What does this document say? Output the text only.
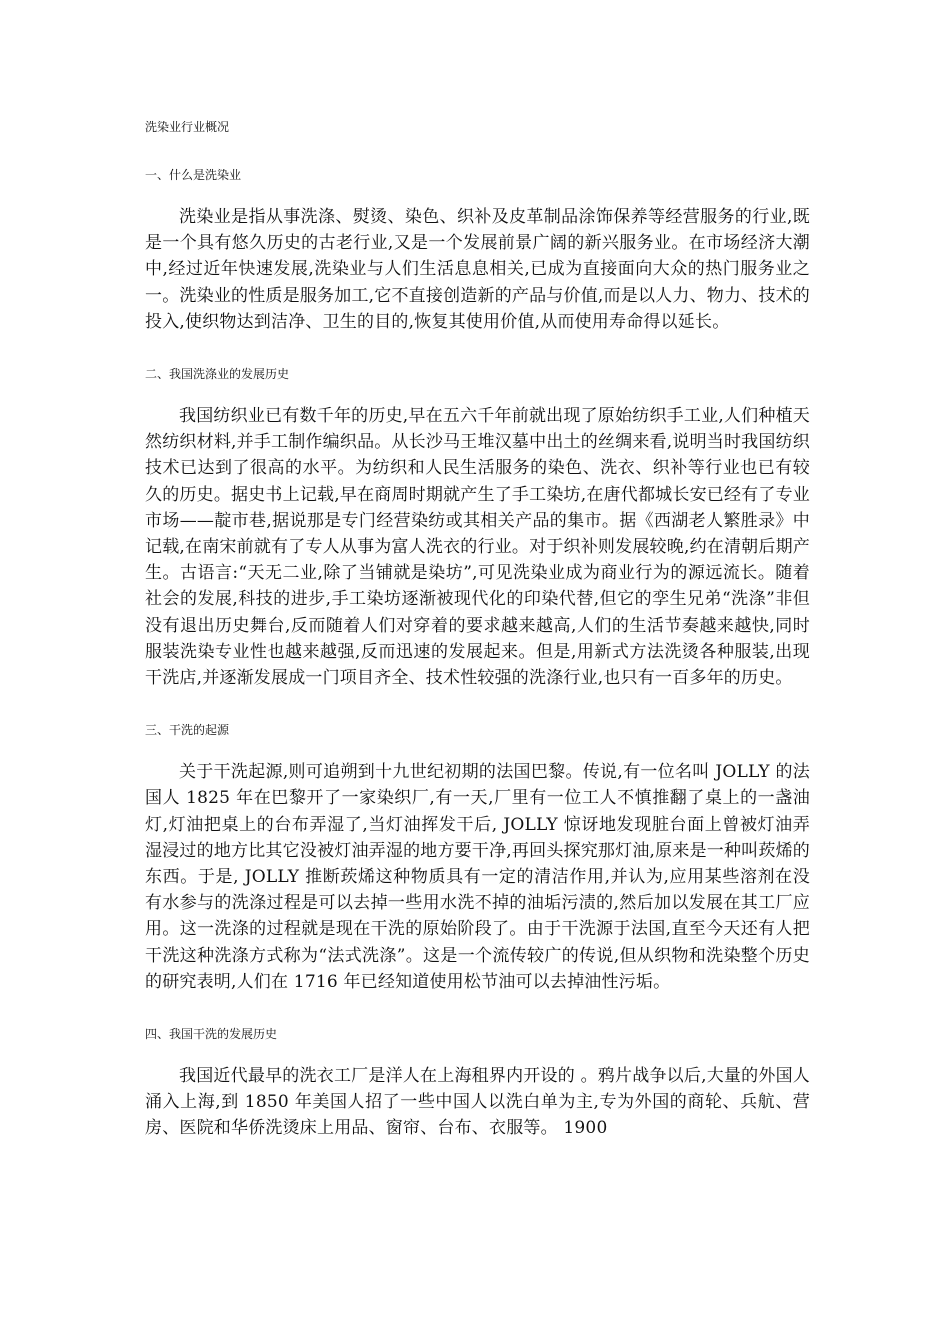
洗染业行业概况
一、什么是洗染业

洗染业是指从事洗涤、熨烫、染色、织补及皮革制品涂饰保养等经营服务的行业,既是一个具有悠久历史的古老行业,又是一个发展前景广阔的新兴服务业。在市场经济大潮中,经过近年快速发展,洗染业与人们生活息息相关,已成为直接面向大众的热门服务业之一。洗染业的性质是服务加工,它不直接创造新的产品与价值,而是以人力、物力、技术的投入,使织物达到洁净、卫生的目的,恢复其使用价值,从而使用寿命得以延长。

二、我国洗涤业的发展历史

我国纺织业已有数千年的历史,早在五六千年前就出现了原始纺织手工业,人们种植天然纺织材料,并手工制作编织品。从长沙马王堆汉墓中出土的丝绸来看,说明当时我国纺织技术已达到了很高的水平。为纺织和人民生活服务的染色、洗衣、织补等行业也已有较久的历史。据史书上记载,早在商周时期就产生了手工染坊,在唐代都城长安已经有了专业市场——靛市巷,据说那是专门经营染纺或其相关产品的集市。据《西湖老人繁胜录》中记载,在南宋前就有了专人从事为富人洗衣的行业。对于织补则发展较晚,约在清朝后期产生。古语言:“天无二业,除了当铺就是染坊”,可见洗染业成为商业行为的源远流长。随着社会的发展,科技的进步,手工染坊逐渐被现代化的印染代替,但它的孪生兄弟“洗涤”非但没有退出历史舞台,反而随着人们对穿着的要求越来越高,人们的生活节奏越来越快,同时服装洗染专业性也越来越强,反而迅速的发展起来。但是,用新式方法洗烫各种服装,出现干洗店,并逐渐发展成一门项目齐全、技术性较强的洗涤行业,也只有一百多年的历史。

三、干洗的起源

关于干洗起源,则可追朔到十九世纪初期的法国巴黎。传说,有一位名叫 JOLLY 的法国人 1825 年在巴黎开了一家染织厂,有一天,厂里有一位工人不慎推翻了桌上的一盏油灯,灯油把桌上的台布弄湿了,当灯油挥发干后, JOLLY 惊讶地发现脏台面上曾被灯油弄湿浸过的地方比其它没被灯油弄湿的地方要干净,再回头探究那灯油,原来是一种叫莰烯的东西。于是, JOLLY 推断莰烯这种物质具有一定的清洁作用,并认为,应用某些溶剂在没有水参与的洗涤过程是可以去掉一些用水洗不掉的油垢污渍的,然后加以发展在其工厂应用。这一洗涤的过程就是现在干洗的原始阶段了。由于干洗源于法国,直至今天还有人把干洗这种洗涤方式称为“法式洗涤”。这是一个流传较广的传说,但从织物和洗染整个历史的研究表明,人们在 1716 年已经知道使用松节油可以去掉油性污垢。

四、我国干洗的发展历史

我国近代最早的洗衣工厂是洋人在上海租界内开设的 。鸦片战争以后,大量的外国人涌入上海,到 1850 年美国人招了一些中国人以洗白单为主,专为外国的商轮、兵航、营房、医院和华侨洗烫床上用品、窗帘、台布、衣服等。 1900
